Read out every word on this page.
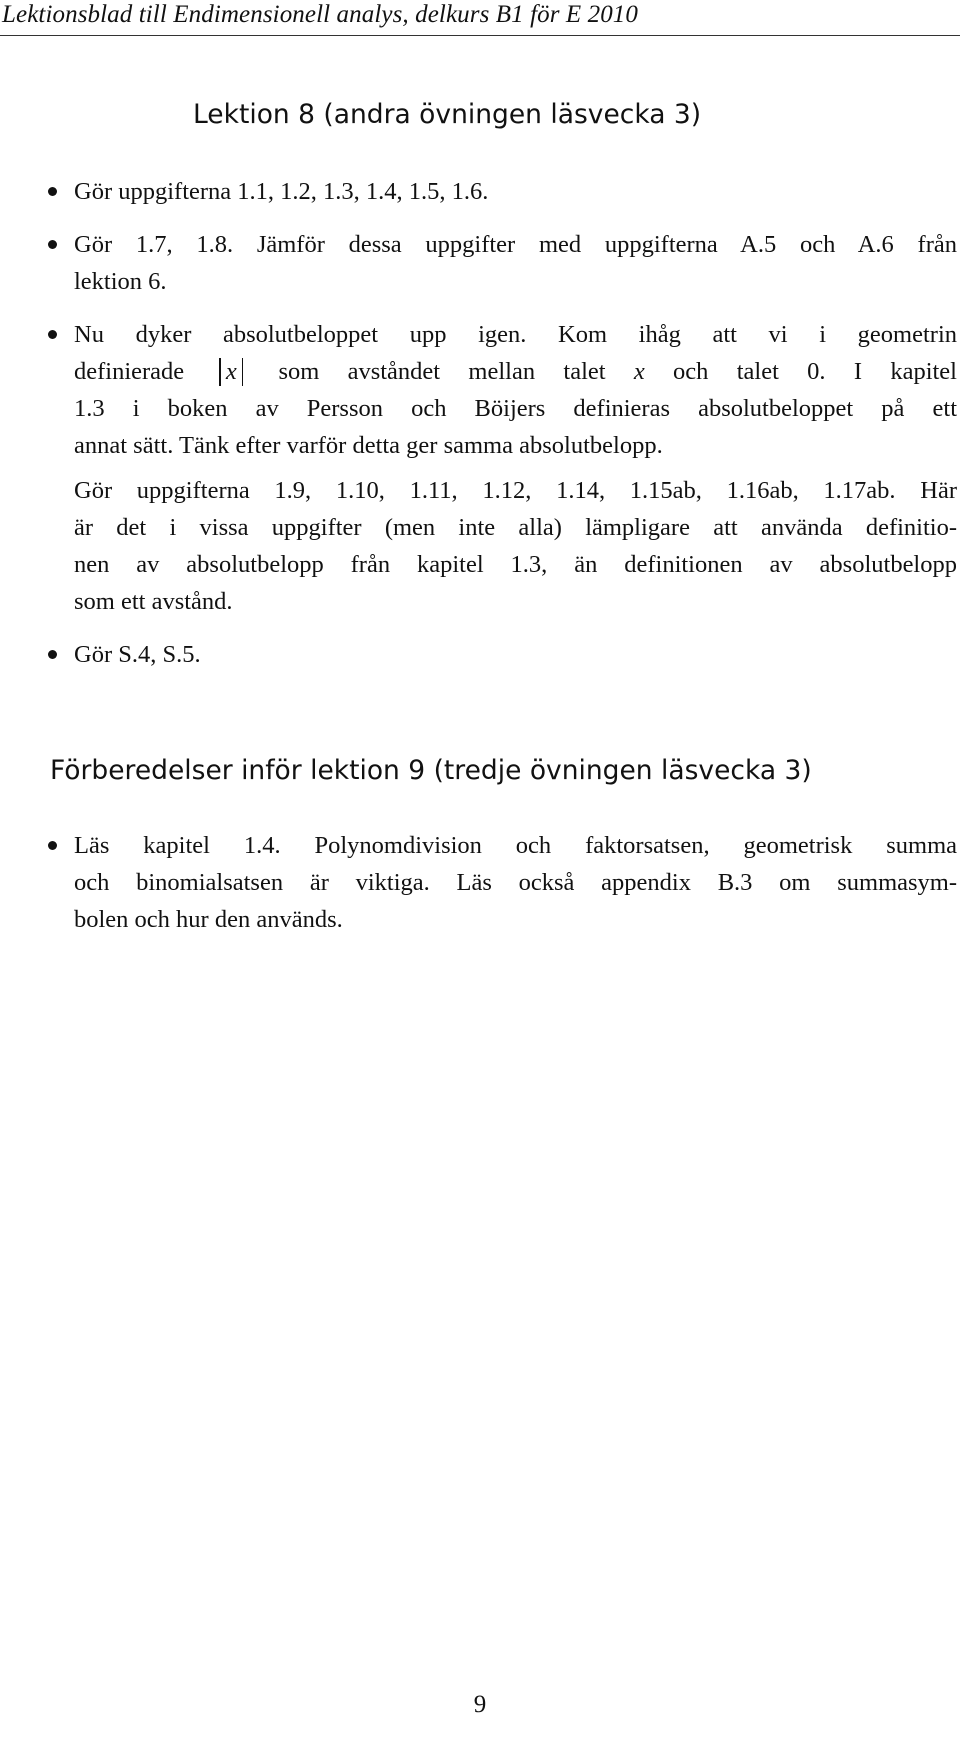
Lektionsblad till Endimensionell analys, delkurs B1 för E 2010
Lektion 8 (andra övningen läsvecka 3)
Gör uppgifterna 1.1, 1.2, 1.3, 1.4, 1.5, 1.6.
Gör 1.7, 1.8. Jämför dessa uppgifter med uppgifterna A.5 och A.6 från
lektion 6.
Nu dyker absolutbeloppet upp igen. Kom ihåg att vi i geometrin
definierade x som avståndet mellan talet x och talet 0. I kapitel
1.3 i boken av Persson och Böijers definieras absolutbeloppet på ett
annat sätt. Tänk efter varför detta ger samma absolutbelopp.
Gör uppgifterna 1.9, 1.10, 1.11, 1.12, 1.14, 1.15ab, 1.16ab, 1.17ab. Här
är det i vissa uppgifter (men inte alla) lämpligare att använda definitio-
nen av absolutbelopp från kapitel 1.3, än definitionen av absolutbelopp
som ett avstånd.
Gör S.4, S.5.
Förberedelser inför lektion 9 (tredje övningen läsvecka 3)
Läs kapitel 1.4. Polynomdivision och faktorsatsen, geometrisk summa
och binomialsatsen är viktiga. Läs också appendix B.3 om summasym-
bolen och hur den används.
9
